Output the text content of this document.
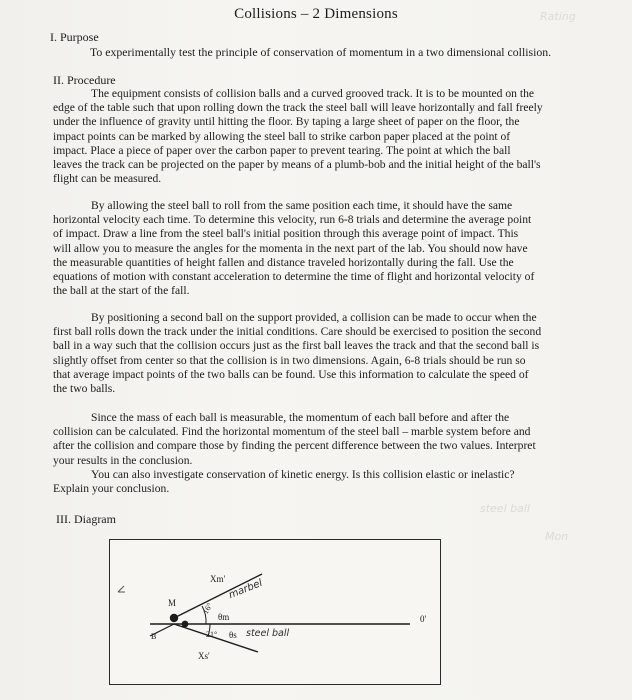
Collisions – 2 Dimensions	Rating
steel ball
Mon
I. Purpose
To experimentally test the principle of conservation of momentum in a two dimensional collision.
II. Procedure
The equipment consists of collision balls and a curved grooved track. It is to be mounted on the
edge of the table such that upon rolling down the track the steel ball will leave horizontally and fall freely
under the influence of gravity until hitting the floor. By taping a large sheet of paper on the floor, the
impact points can be marked by allowing the steel ball to strike carbon paper placed at the point of
impact. Place a piece of paper over the carbon paper to prevent tearing. The point at which the ball
leaves the track can be projected on the paper by means of a plumb-bob and the initial height of the ball's
flight can be measured.
By allowing the steel ball to roll from the same position each time, it should have the same
horizontal velocity each time. To determine this velocity, run 6-8 trials and determine the average point
of impact. Draw a line from the steel ball's initial position through this average point of impact. This
will allow you to measure the angles for the momenta in the next part of the lab. You should now have
the measurable quantities of height fallen and distance traveled horizontally during the fall. Use the
equations of motion with constant acceleration to determine the time of flight and horizontal velocity of
the ball at the start of the fall.
By positioning a second ball on the support provided, a collision can be made to occur when the
first ball rolls down the track under the initial conditions. Care should be exercised to position the second
ball in a way such that the collision occurs just as the first ball leaves the track and that the second ball is
slightly offset from center so that the collision is in two dimensions. Again, 6-8 trials should be run so
that average impact points of the two balls can be found. Use this information to calculate the speed of
the two balls.
Since the mass of each ball is measurable, the momentum of each ball before and after the
collision can be calculated. Find the horizontal momentum of the steel ball – marble system before and
after the collision and compare those by finding the percent difference between the two values. Interpret
your results in the conclusion.
You can also investigate conservation of kinetic energy. Is this collision elastic or inelastic?
Explain your conclusion.
III. Diagram
Xm' marbel
M	16°
θm	0'
B	21° θs steel ball
Xs'
